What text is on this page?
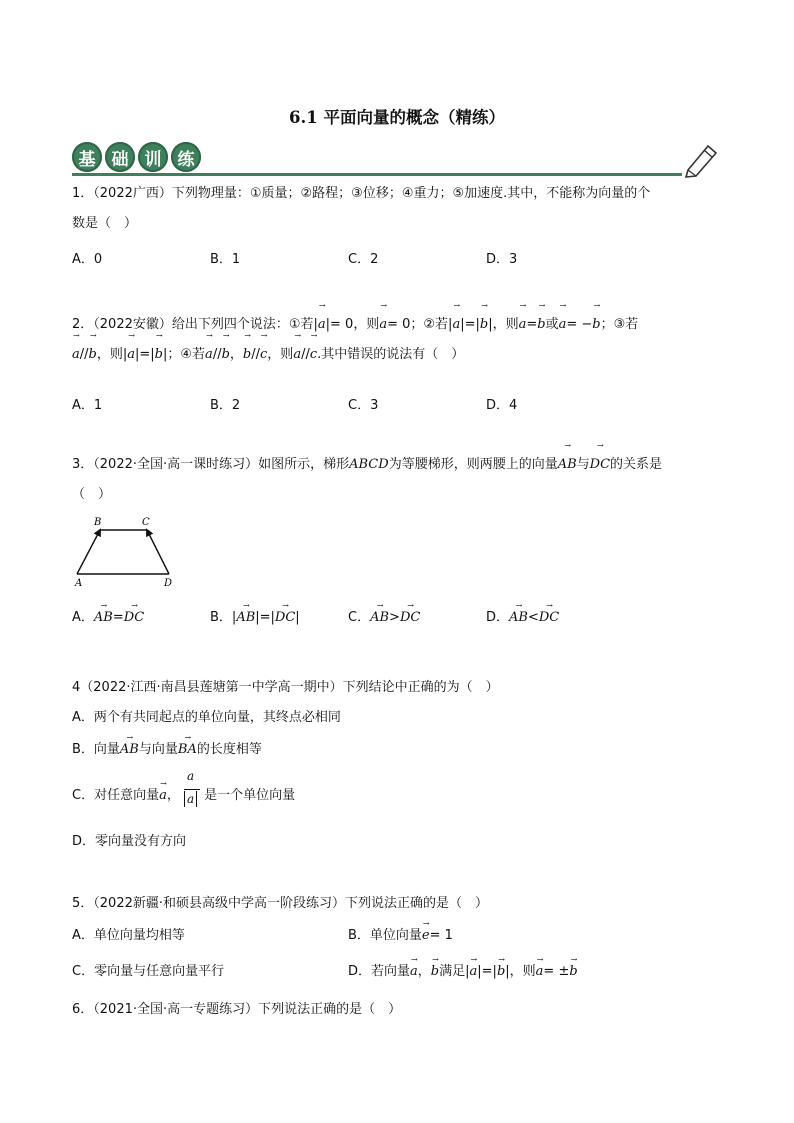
6.1 平面向量的概念（精练）
基 础 训 练
1．（2022广西）下列物理量：①质量；②路程；③位移；④重力；⑤加速度.其中，不能称为向量的个
数是（　）
A．0	B．1	C．2	D．3
2．（2022安徽）给出下列四个说法：①若|
→
a|= 0，则
→
a= 0；②若|
→
a|=|
→
b|，则
→
a=
→
b或
→
a= −
→
b；③若
→
a//
→
b，则|
→
a|=|
→
b|；④若
→
a//
→
b，
→
b//
→
c，则
→
a//
→
c.其中错误的说法有（　）
A．1	B．2	C．3	D．4
3．（2022·全国·高一课时练习）如图所示，梯形ABCD为等腰梯形，则两腰上的向量
→
AB与
→
DC的关系是
（　）
B	C
A	D
A．
→
AB=
→
DC	B．|
→
AB|=|
→
DC|	C．
→
AB>
→
DC	D．
→
AB<
→
DC
4（2022·江西·南昌县莲塘第一中学高一期中）下列结论中正确的为（　）
A．两个有共同起点的单位向量，其终点必相同
B．向量
→
AB与向量
→
BA的长度相等
C．对任意向量
→
a， $\frac{a}{a}$ 是一个单位向量
D．零向量没有方向
5．（2022新疆·和硕县高级中学高一阶段练习）下列说法正确的是（　）
A．单位向量均相等	B．单位向量
→
e= 1
C．零向量与任意向量平行	D．若向量
→
a，
→
b满足|
→
a|=|
→
b|，则
→
a= ±
→
b
6．（2021·全国·高一专题练习）下列说法正确的是（　）
